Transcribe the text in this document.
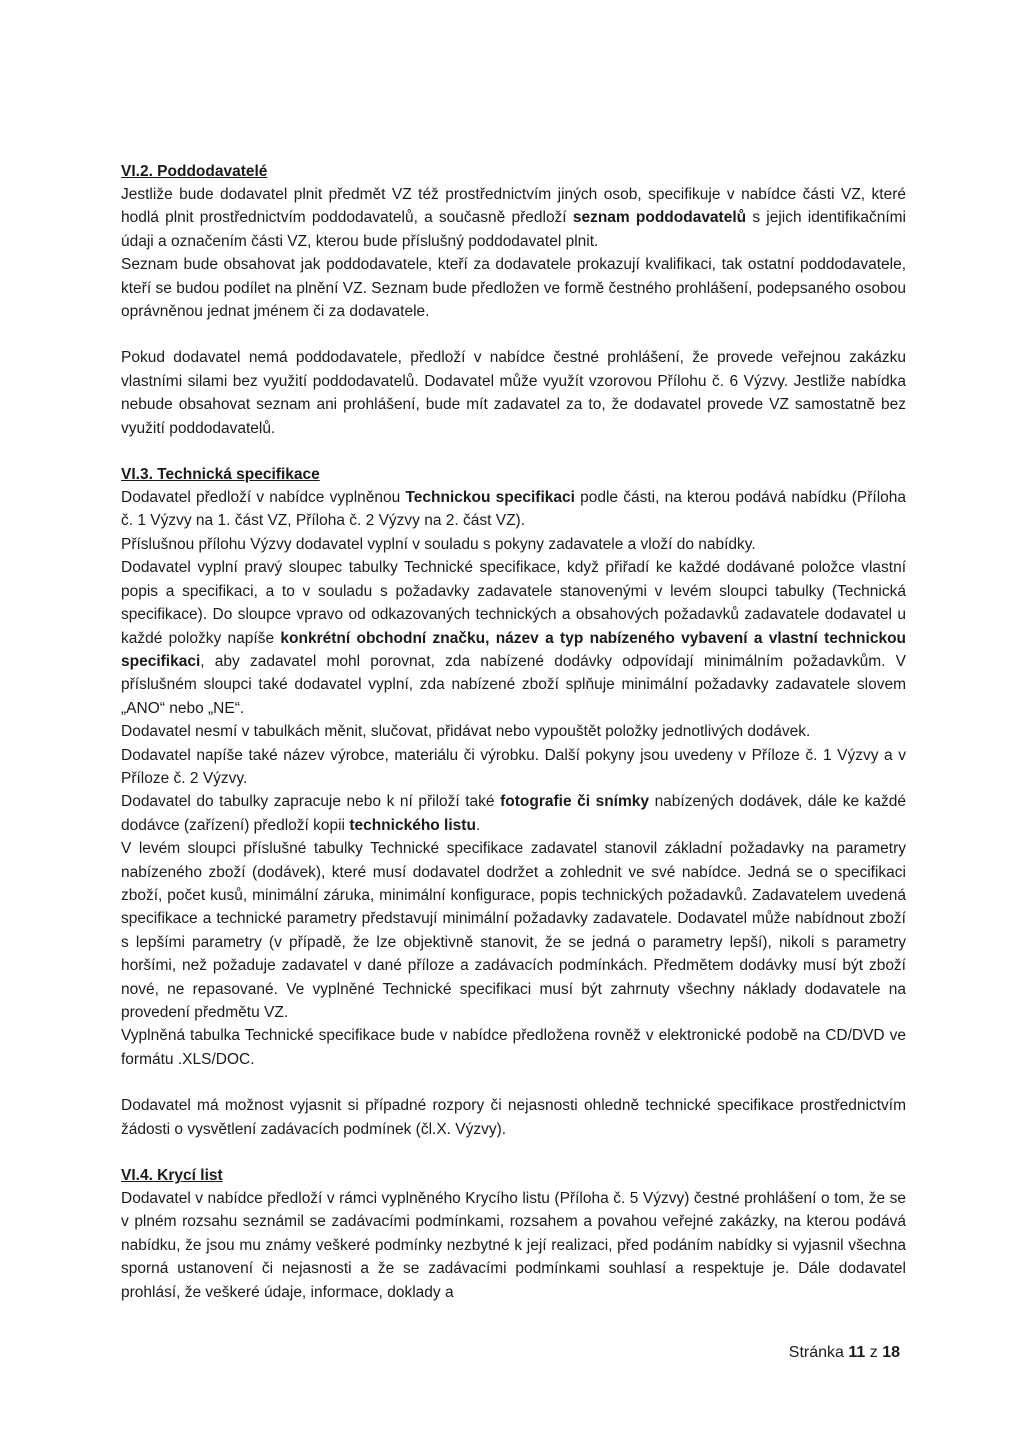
VI.2. Poddodavatelé

Jestliže bude dodavatel plnit předmět VZ též prostřednictvím jiných osob, specifikuje v nabídce části VZ, které hodlá plnit prostřednictvím poddodavatelů, a současně předloží seznam poddodavatelů s jejich identifikačními údaji a označením části VZ, kterou bude příslušný poddodavatel plnit.

Seznam bude obsahovat jak poddodavatele, kteří za dodavatele prokazují kvalifikaci, tak ostatní poddodavatele, kteří se budou podílet na plnění VZ. Seznam bude předložen ve formě čestného prohlášení, podepsaného osobou oprávněnou jednat jménem či za dodavatele.

Pokud dodavatel nemá poddodavatele, předloží v nabídce čestné prohlášení, že provede veřejnou zakázku vlastními silami bez využití poddodavatelů. Dodavatel může využít vzorovou Přílohu č. 6 Výzvy. Jestliže nabídka nebude obsahovat seznam ani prohlášení, bude mít zadavatel za to, že dodavatel provede VZ samostatně bez využití poddodavatelů.

VI.3. Technická specifikace

Dodavatel předloží v nabídce vyplněnou Technickou specifikaci podle části, na kterou podává nabídku (Příloha č. 1 Výzvy na 1. část VZ, Příloha č. 2 Výzvy na 2. část VZ).

Příslušnou přílohu Výzvy dodavatel vyplní v souladu s pokyny zadavatele a vloží do nabídky.

Dodavatel vyplní pravý sloupec tabulky Technické specifikace, když přiřadí ke každé dodávané položce vlastní popis a specifikaci, a to v souladu s požadavky zadavatele stanovenými v levém sloupci tabulky (Technická specifikace). Do sloupce vpravo od odkazovaných technických a obsahových požadavků zadavatele dodavatel u každé položky napíše konkrétní obchodní značku, název a typ nabízeného vybavení a vlastní technickou specifikaci, aby zadavatel mohl porovnat, zda nabízené dodávky odpovídají minimálním požadavkům. V příslušném sloupci také dodavatel vyplní, zda nabízené zboží splňuje minimální požadavky zadavatele slovem „ANO“ nebo „NE“.

Dodavatel nesmí v tabulkách měnit, slučovat, přidávat nebo vypouštět položky jednotlivých dodávek.

Dodavatel napíše také název výrobce, materiálu či výrobku. Další pokyny jsou uvedeny v Příloze č. 1 Výzvy a v Příloze č. 2 Výzvy.

Dodavatel do tabulky zapracuje nebo k ní přiloží také fotografie či snímky nabízených dodávek, dále ke každé dodávce (zařízení) předloží kopii technického listu.

V levém sloupci příslušné tabulky Technické specifikace zadavatel stanovil základní požadavky na parametry nabízeného zboží (dodávek), které musí dodavatel dodržet a zohlednit ve své nabídce. Jedná se o specifikaci zboží, počet kusů, minimální záruka, minimální konfigurace, popis technických požadavků. Zadavatelem uvedená specifikace a technické parametry představují minimální požadavky zadavatele. Dodavatel může nabídnout zboží s lepšími parametry (v případě, že lze objektivně stanovit, že se jedná o parametry lepší), nikoli s parametry horšími, než požaduje zadavatel v dané příloze a zadávacích podmínkách. Předmětem dodávky musí být zboží nové, ne repasované. Ve vyplněné Technické specifikaci musí být zahrnuty všechny náklady dodavatele na provedení předmětu VZ.

Vyplněná tabulka Technické specifikace bude v nabídce předložena rovněž v elektronické podobě na CD/DVD ve formátu .XLS/DOC.

Dodavatel má možnost vyjasnit si případné rozpory či nejasnosti ohledně technické specifikace prostřednictvím žádosti o vysvětlení zadávacích podmínek (čl.X. Výzvy).

VI.4. Krycí list

Dodavatel v nabídce předloží v rámci vyplněného Krycího listu (Příloha č. 5 Výzvy) čestné prohlášení o tom, že se v plném rozsahu seznámil se zadávacími podmínkami, rozsahem a povahou veřejné zakázky, na kterou podává nabídku, že jsou mu známy veškeré podmínky nezbytné k její realizaci, před podáním nabídky si vyjasnil všechna sporná ustanovení či nejasnosti a že se zadávacími podmínkami souhlasí a respektuje je. Dále dodavatel prohlásí, že veškeré údaje, informace, doklady a

Stránka 11 z 18
